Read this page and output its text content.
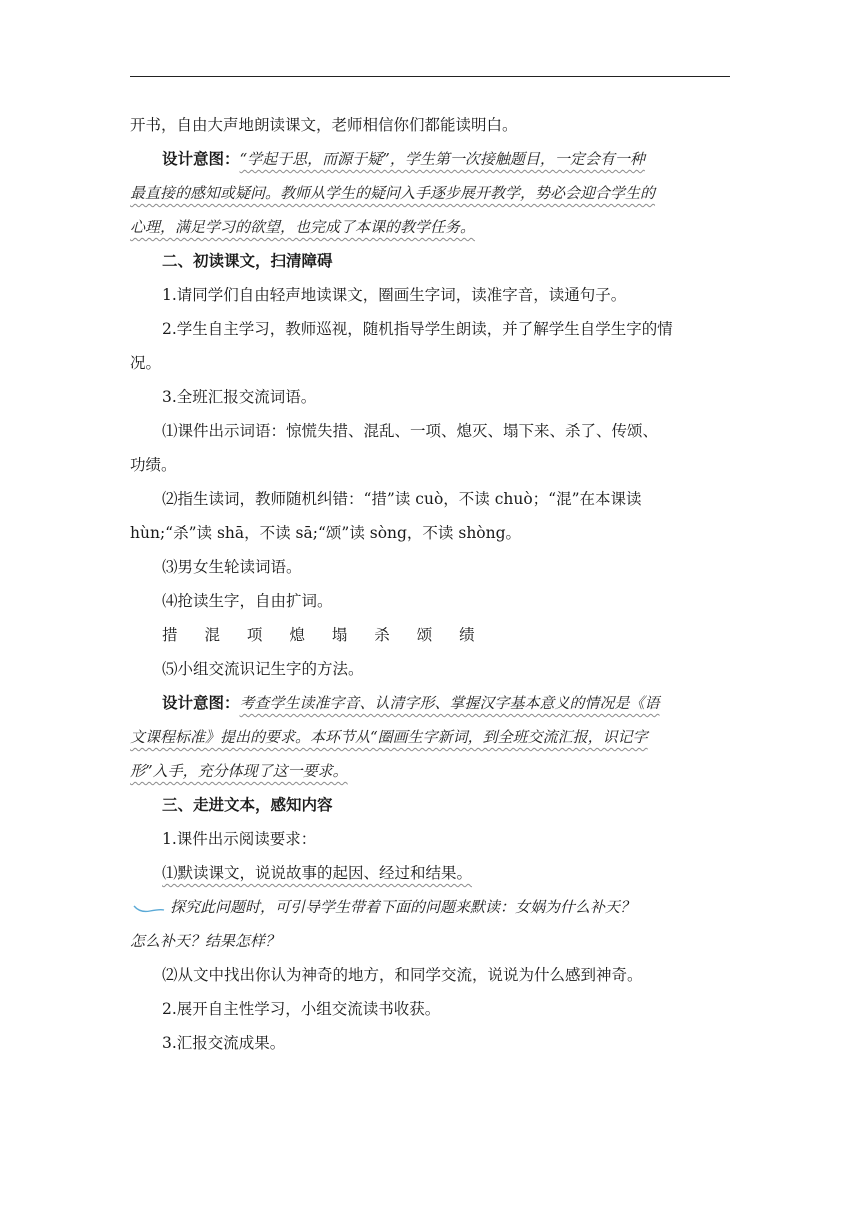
开书，自由大声地朗读课文，老师相信你们都能读明白。

设计意图：“学起于思，而源于疑”，学生第一次接触题目，一定会有一种

最直接的感知或疑问。教师从学生的疑问入手逐步展开教学，势必会迎合学生的

心理，满足学习的欲望，也完成了本课的教学任务。

二、初读课文，扫清障碍

1.请同学们自由轻声地读课文，圈画生字词，读准字音，读通句子。

2.学生自主学习，教师巡视，随机指导学生朗读，并了解学生自学生字的情

况。

3.全班汇报交流词语。

⑴课件出示词语：惊慌失措、混乱、一项、熄灭、塌下来、杀了、传颂、

功绩。

⑵指生读词，教师随机纠错：“措”读 cuò，不读 chuò；“混”在本课读

hùn;“杀”读 shā，不读 sā;“颂”读 sòng，不读 shòng。

⑶男女生轮读词语。

⑷抢读生字，自由扩词。

措 混 项 熄 塌 杀 颂 绩

⑸小组交流识记生字的方法。

设计意图：考查学生读准字音、认清字形、掌握汉字基本意义的情况是《语

文课程标准》提出的要求。本环节从“圈画生字新词，到全班交流汇报，识记字

形”入手，充分体现了这一要求。

三、走进文本，感知内容

1.课件出示阅读要求：

⑴默读课文，说说故事的起因、经过和结果。

探究此问题时，可引导学生带着下面的问题来默读：女娲为什么补天？

怎么补天？结果怎样？

⑵从文中找出你认为神奇的地方，和同学交流，说说为什么感到神奇。

2.展开自主性学习，小组交流读书收获。

3.汇报交流成果。
